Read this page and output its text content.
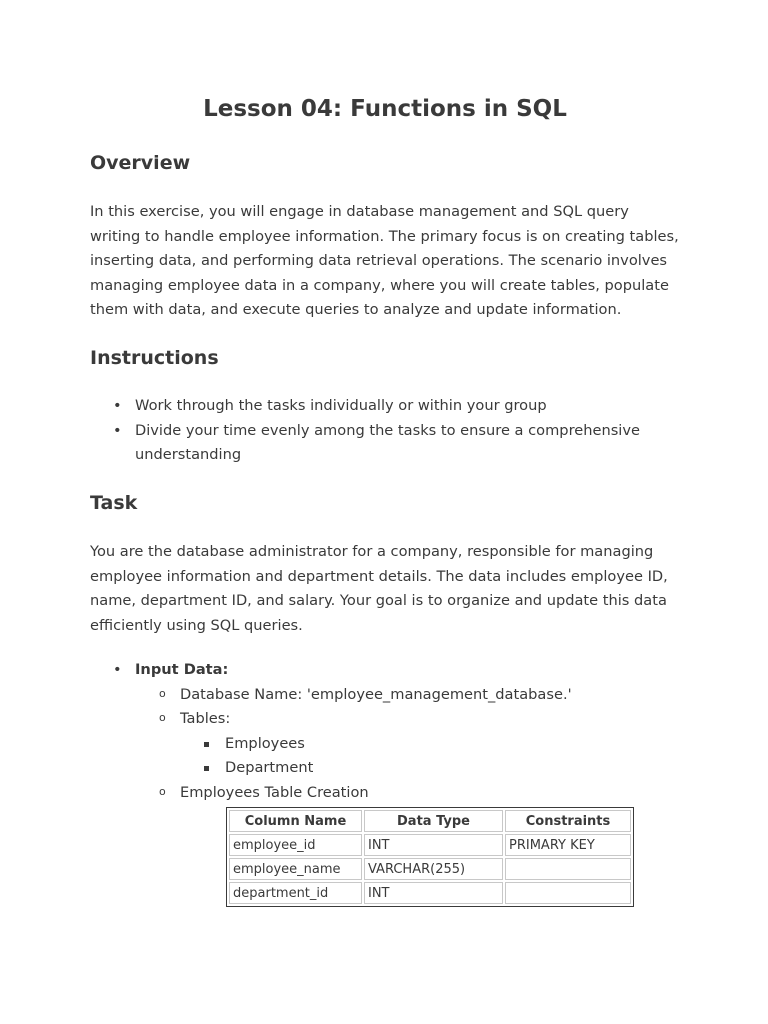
Lesson 04: Functions in SQL
Overview

In this exercise, you will engage in database management and SQL query writing to handle employee information. The primary focus is on creating tables, inserting data, and performing data retrieval operations. The scenario involves managing employee data in a company, where you will create tables, populate them with data, and execute queries to analyze and update information.

Instructions
• Work through the tasks individually or within your group
• Divide your time evenly among the tasks to ensure a comprehensive understanding
Task

You are the database administrator for a company, responsible for managing employee information and department details. The data includes employee ID, name, department ID, and salary. Your goal is to organize and update this data efficiently using SQL queries.

• Input Data:
o Database Name: 'employee_management_database.'
o Tables:
Employees
Department
o Employees Table Creation
Column Name	Data Type	Constraints
employee_id	INT	PRIMARY KEY
employee_name	VARCHAR(255)	
department_id	INT	
